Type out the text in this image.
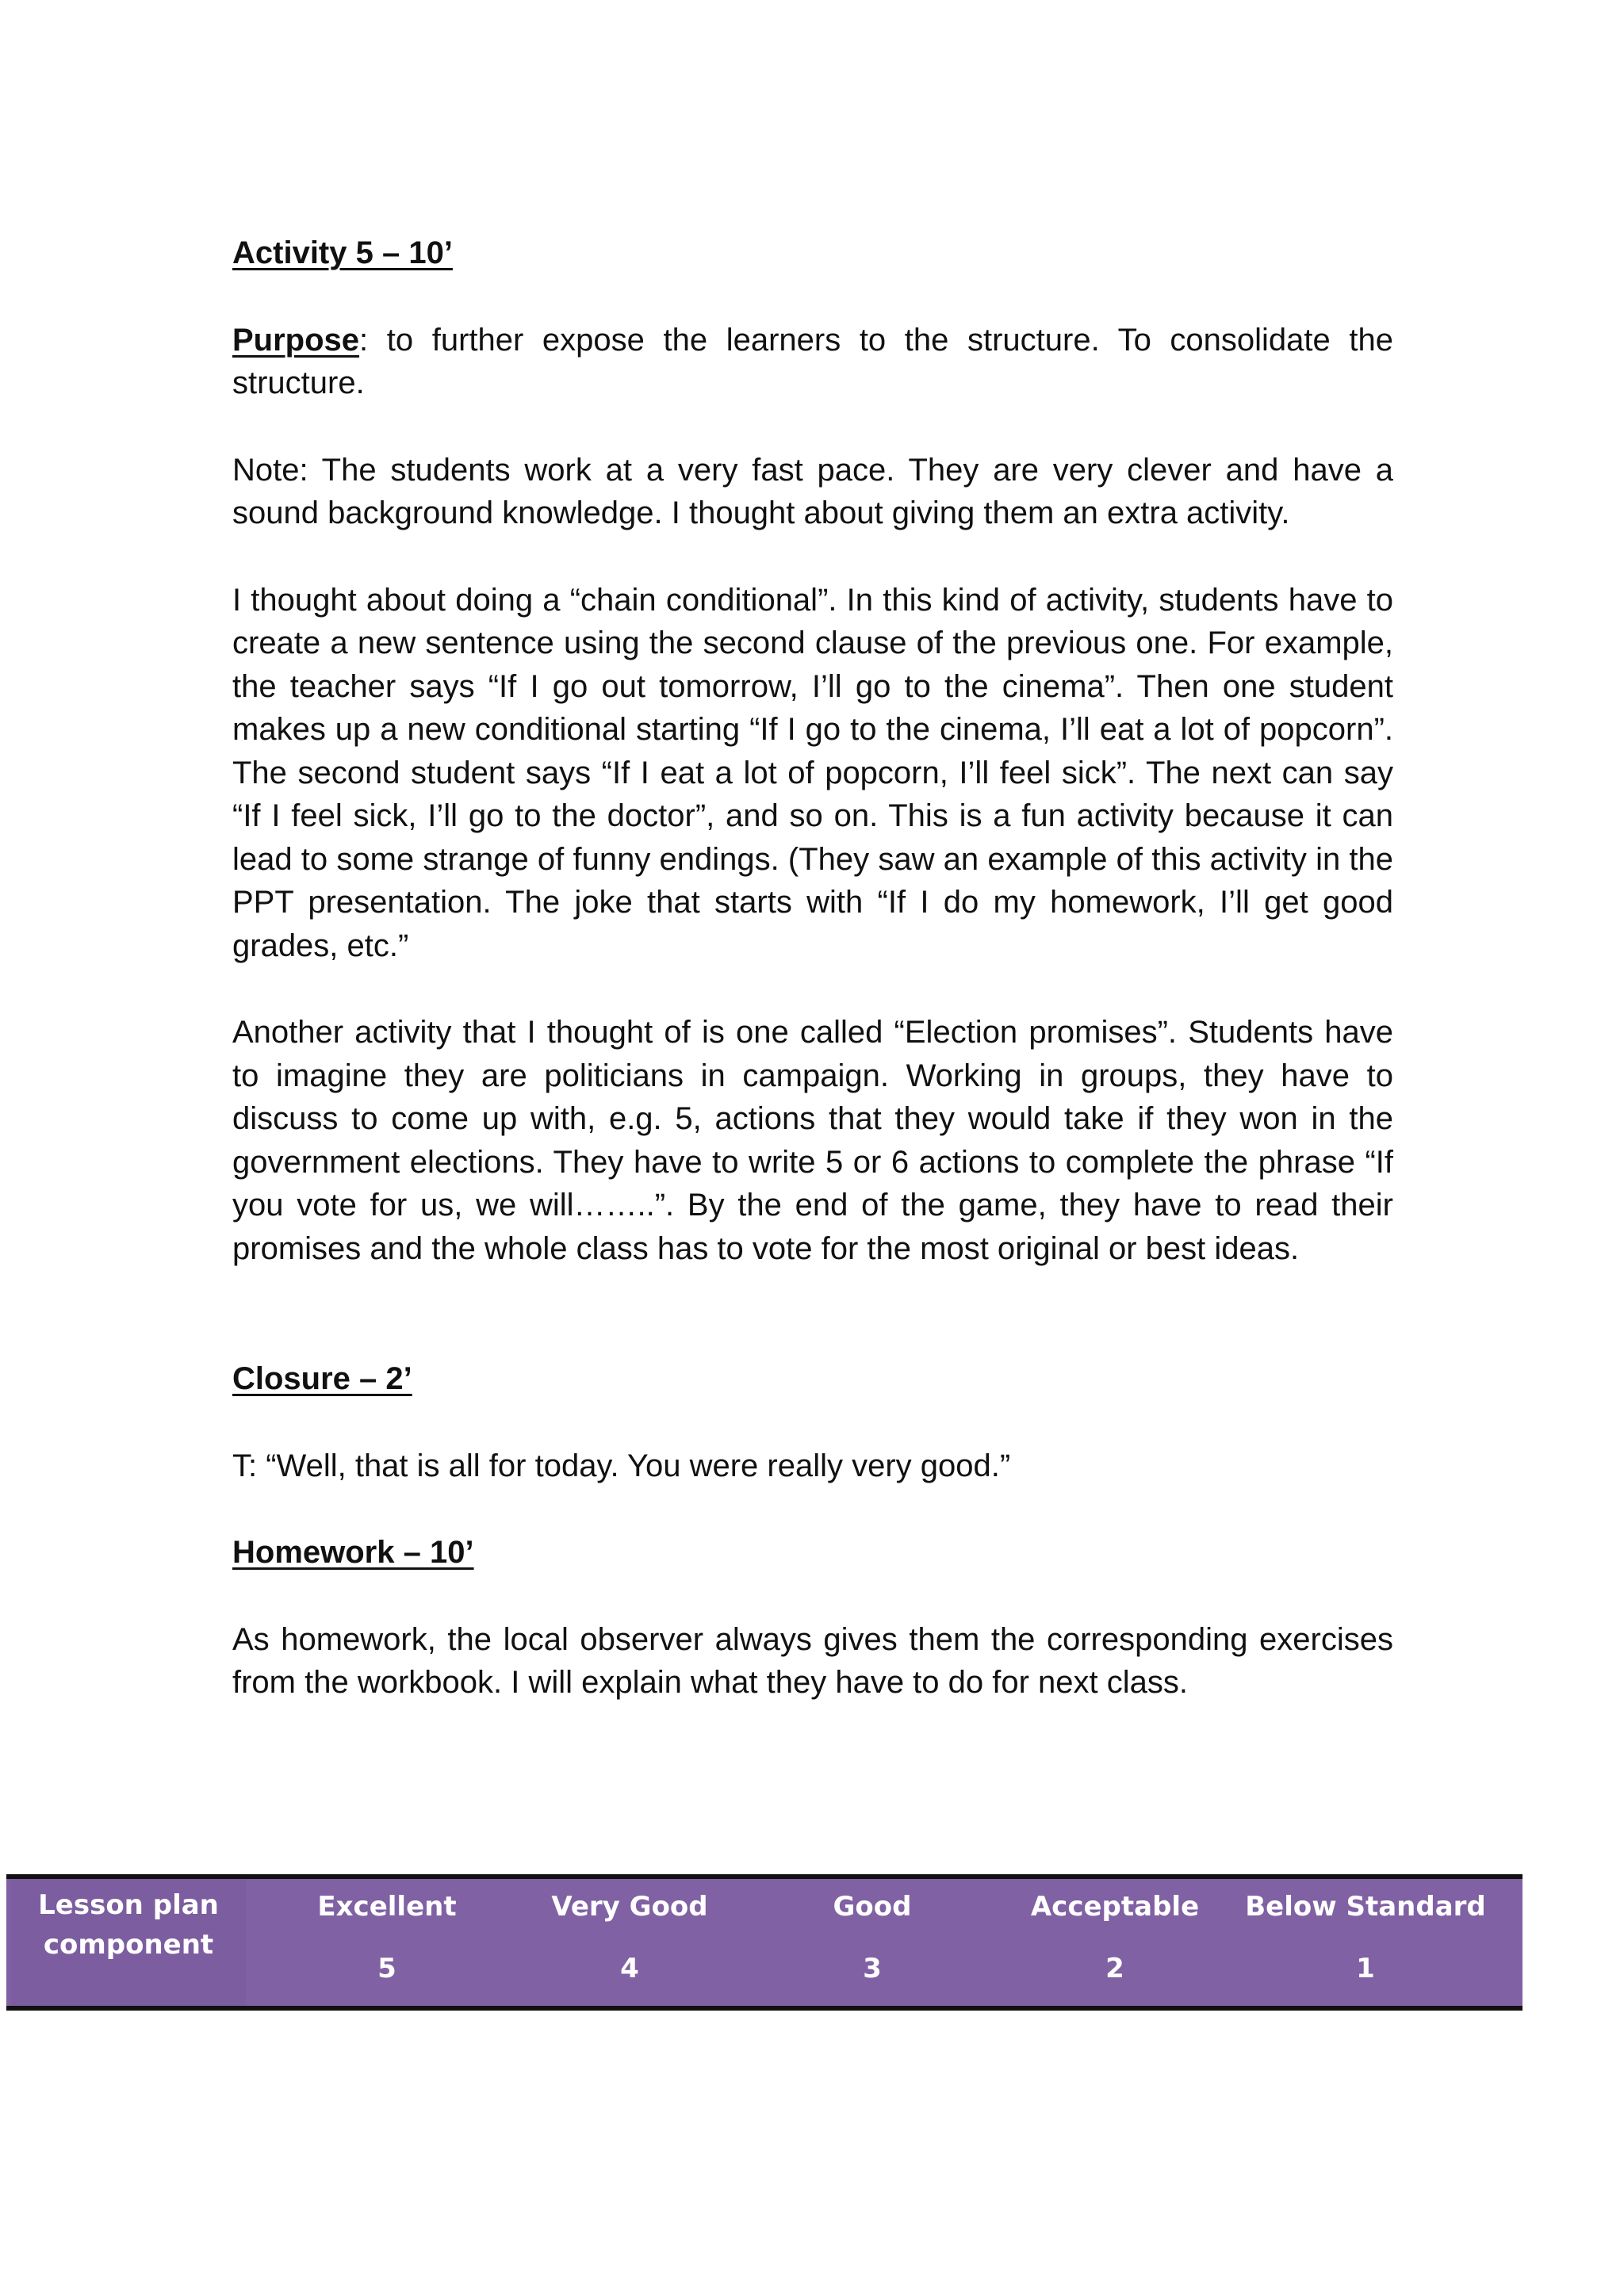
Activity 5 – 10’

Purpose: to further expose the learners to the structure. To consolidate the structure.

Note: The students work at a very fast pace. They are very clever and have a sound background knowledge. I thought about giving them an extra activity.

I thought about doing a “chain conditional”. In this kind of activity, students have to create a new sentence using the second clause of the previous one. For example, the teacher says “If I go out tomorrow, I’ll go to the cinema”. Then one student makes up a new conditional starting “If I go to the cinema, I’ll eat a lot of popcorn”. The second student says “If I eat a lot of popcorn, I’ll feel sick”. The next can say “If I feel sick, I’ll go to the doctor”, and so on. This is a fun activity because it can lead to some strange of funny endings. (They saw an example of this activity in the PPT presentation. The joke that starts with “If I do my homework, I’ll get good grades, etc.”

Another activity that I thought of is one called “Election promises”. Students have to imagine they are politicians in campaign. Working in groups, they have to discuss to come up with, e.g. 5, actions that they would take if they won in the government elections. They have to write 5 or 6 actions to complete the phrase “If you vote for us, we will……..”. By the end of the game, they have to read their promises and the whole class has to vote for the most original or best ideas.

Closure – 2’

T: “Well, that is all for today. You were really very good.”

Homework – 10’

As homework, the local observer always gives them the corresponding exercises from the workbook. I will explain what they have to do for next class.

Lesson plan component
Excellent
5
Very Good
4
Good
3
Acceptable
2
Below Standard
1
